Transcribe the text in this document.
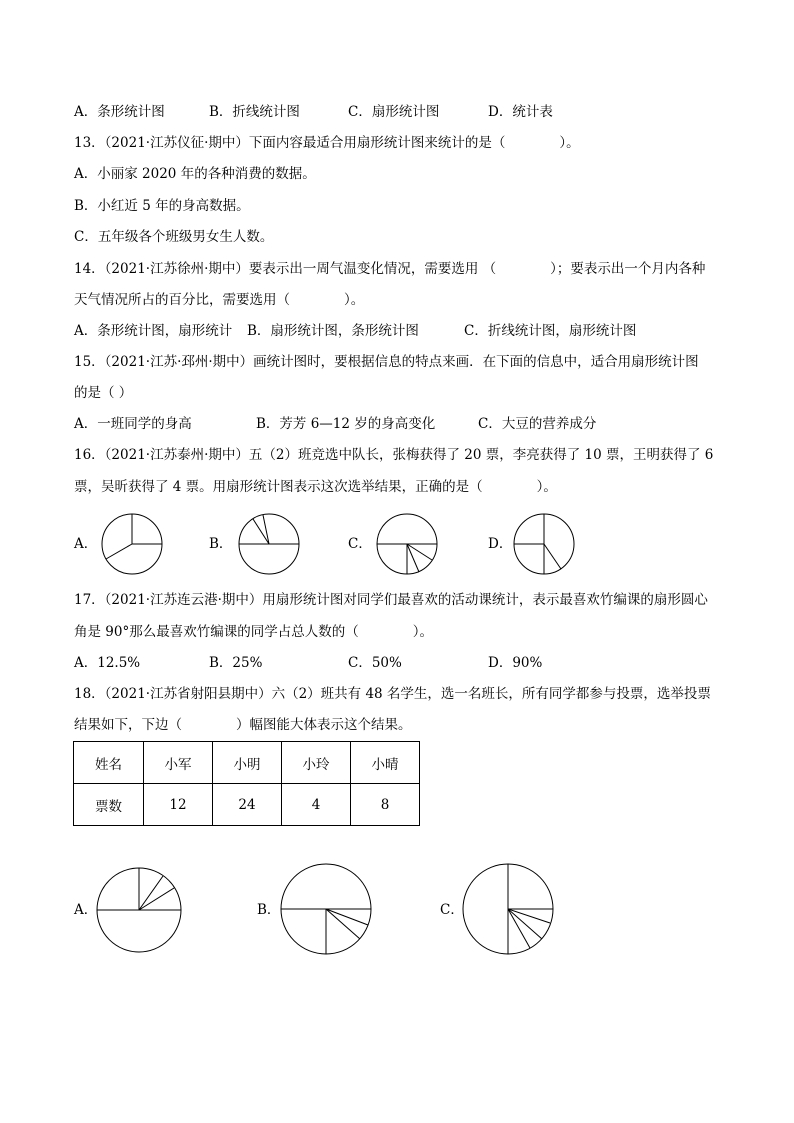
A．条形统计图	B．折线统计图	C．扇形统计图	D．统计表
13．（2021·江苏仪征·期中）下面内容最适合用扇形统计图来统计的是（　　　　）。
A．小丽家 2020 年的各种消费的数据。
B．小红近 5 年的身高数据。
C．五年级各个班级男女生人数。
14．（2021·江苏徐州·期中）要表示出一周气温变化情况，需要选用 （　　　　）；要表示出一个月内各种
天气情况所占的百分比，需要选用（　　　　）。
A．条形统计图，扇形统计 B．扇形统计图，条形统计图	C．折线统计图，扇形统计图
15．（2021·江苏·邳州·期中）画统计图时，要根据信息的特点来画．在下面的信息中，适合用扇形统计图
的是（ ）
A．一班同学的身高	B．芳芳 6—12 岁的身高变化	C．大豆的营养成分
16．（2021·江苏泰州·期中）五（2）班竞选中队长，张梅获得了 20 票，李亮获得了 10 票，王明获得了 6
票，吴昕获得了 4 票。用扇形统计图表示这次选举结果，正确的是（　　　　）。
A．	B．	C．	D．
17．（2021·江苏连云港·期中）用扇形统计图对同学们最喜欢的活动课统计，表示最喜欢竹编课的扇形圆心
角是 90°那么最喜欢竹编课的同学占总人数的（　　　　）。
A．12.5%	B．25%	C．50%	D．90%
18．（2021·江苏省射阳县期中）六（2）班共有 48 名学生，选一名班长，所有同学都参与投票，选举投票
结果如下，下边（　　　　）幅图能大体表示这个结果。
姓名	小军	小明	小玲	小晴
票数	12	24	4	8
A．	B．	C．
